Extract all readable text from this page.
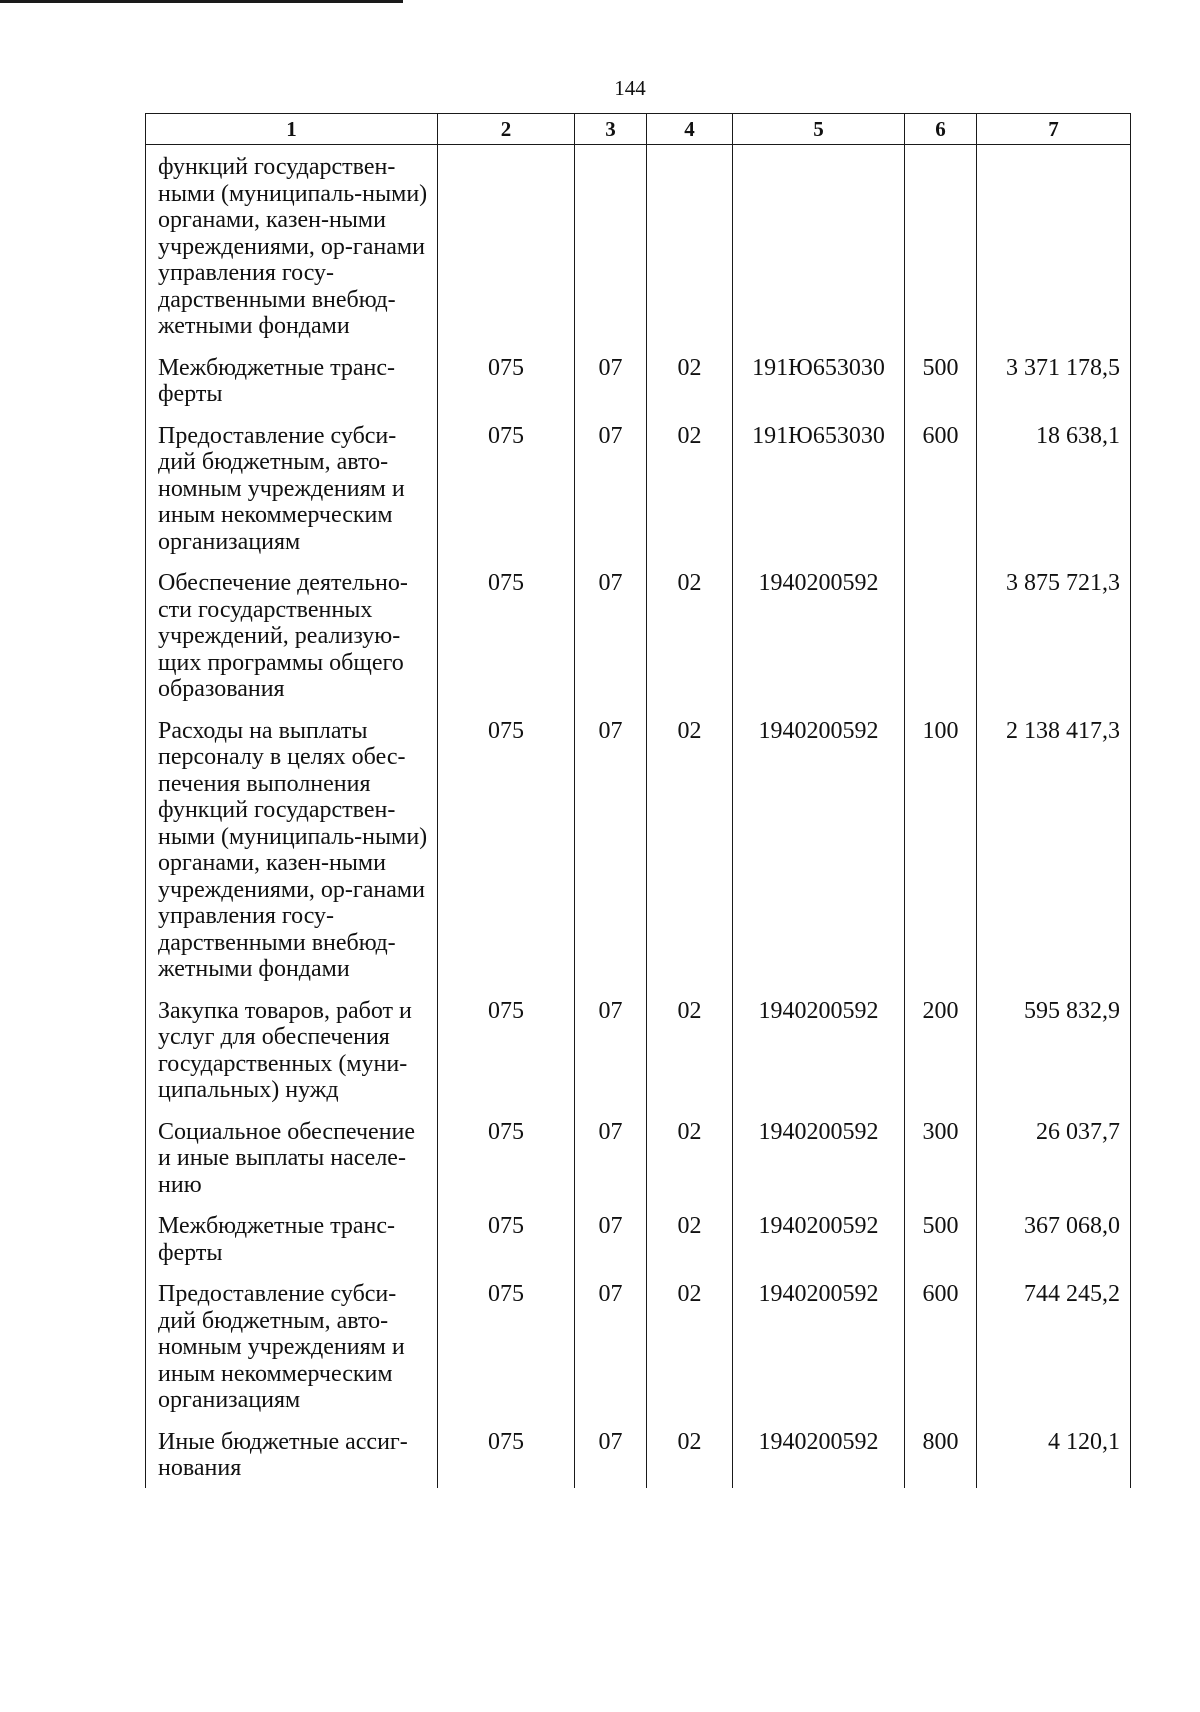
144
1	2	3	4	5	6	7
функций государствен-ными (муниципаль-ными) органами, казен-ными учреждениями, ор-ганами управления госу-дарственными внебюд-жетными фондами						
Межбюджетные транс-ферты	075	07	02	191Ю653030	500	3 371 178,5
Предоставление субси-дий бюджетным, авто-номным учреждениям и иным некоммерческим организациям	075	07	02	191Ю653030	600	18 638,1
Обеспечение деятельно-сти государственных учреждений, реализую-щих программы общего образования	075	07	02	1940200592		3 875 721,3
Расходы на выплаты персоналу в целях обес-печения выполнения функций государствен-ными (муниципаль-ными) органами, казен-ными учреждениями, ор-ганами управления госу-дарственными внебюд-жетными фондами	075	07	02	1940200592	100	2 138 417,3
Закупка товаров, работ и услуг для обеспечения государственных (муни-ципальных) нужд	075	07	02	1940200592	200	595 832,9
Социальное обеспечение и иные выплаты населе-нию	075	07	02	1940200592	300	26 037,7
Межбюджетные транс-ферты	075	07	02	1940200592	500	367 068,0
Предоставление субси-дий бюджетным, авто-номным учреждениям и иным некоммерческим организациям	075	07	02	1940200592	600	744 245,2
Иные бюджетные ассиг-нования	075	07	02	1940200592	800	4 120,1
